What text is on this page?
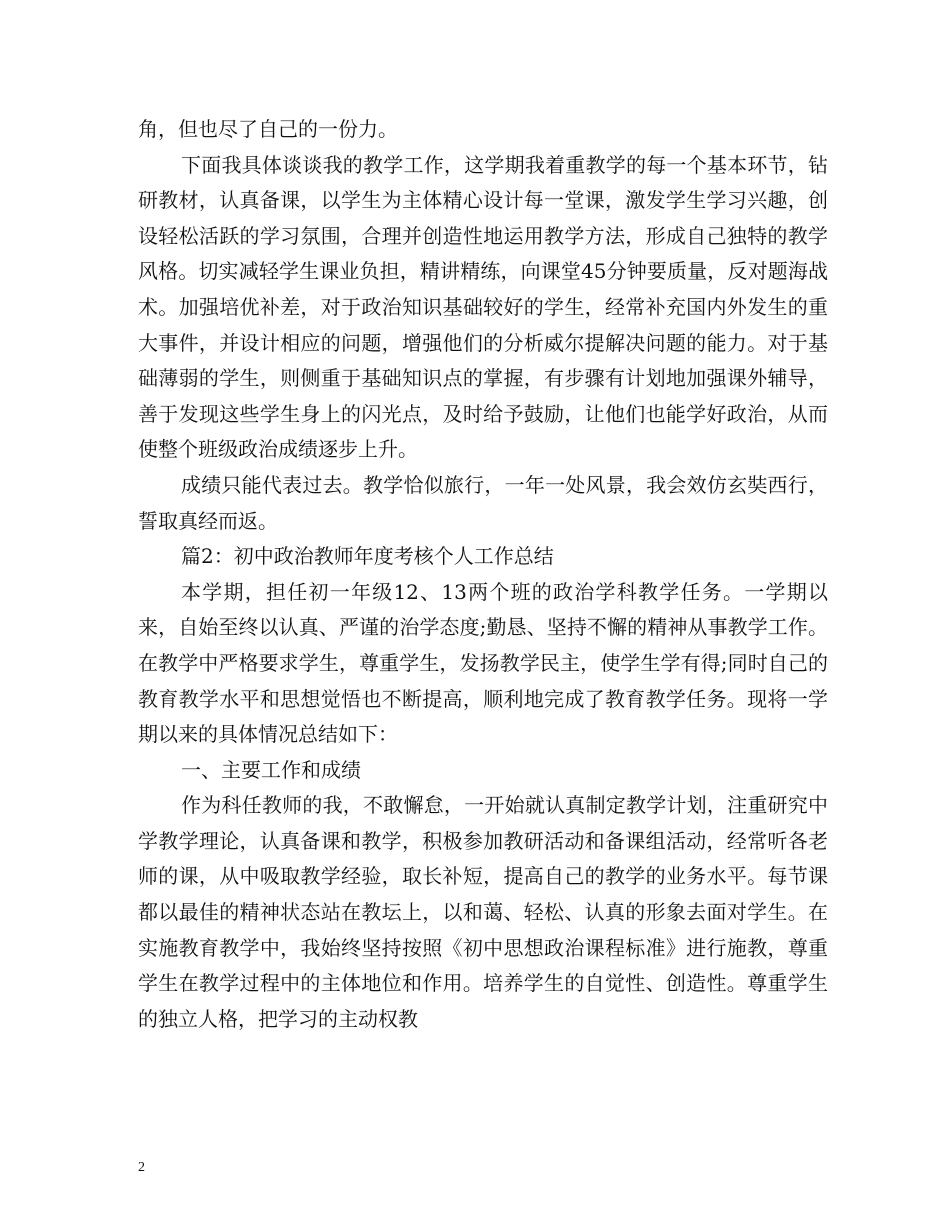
角，但也尽了自己的一份力。

下面我具体谈谈我的教学工作，这学期我着重教学的每一个基本环节，钻研教材，认真备课，以学生为主体精心设计每一堂课，激发学生学习兴趣，创设轻松活跃的学习氛围，合理并创造性地运用教学方法，形成自己独特的教学风格。切实减轻学生课业负担，精讲精练，向课堂45分钟要质量，反对题海战术。加强培优补差，对于政治知识基础较好的学生，经常补充国内外发生的重大事件，并设计相应的问题，增强他们的分析威尔提解决问题的能力。对于基础薄弱的学生，则侧重于基础知识点的掌握，有步骤有计划地加强课外辅导，善于发现这些学生身上的闪光点，及时给予鼓励，让他们也能学好政治，从而使整个班级政治成绩逐步上升。

成绩只能代表过去。教学恰似旅行，一年一处风景，我会效仿玄奘西行，誓取真经而返。

篇2：初中政治教师年度考核个人工作总结

本学期，担任初一年级12、13两个班的政治学科教学任务。一学期以来，自始至终以认真、严谨的治学态度;勤恳、坚持不懈的精神从事教学工作。在教学中严格要求学生，尊重学生，发扬教学民主，使学生学有得;同时自己的教育教学水平和思想觉悟也不断提高，顺利地完成了教育教学任务。现将一学期以来的具体情况总结如下：

一、主要工作和成绩

作为科任教师的我，不敢懈怠，一开始就认真制定教学计划，注重研究中学教学理论，认真备课和教学，积极参加教研活动和备课组活动，经常听各老师的课，从中吸取教学经验，取长补短，提高自己的教学的业务水平。每节课都以最佳的精神状态站在教坛上，以和蔼、轻松、认真的形象去面对学生。在实施教育教学中，我始终坚持按照《初中思想政治课程标准》进行施教，尊重学生在教学过程中的主体地位和作用。培养学生的自觉性、创造性。尊重学生的独立人格，把学习的主动权教

2
